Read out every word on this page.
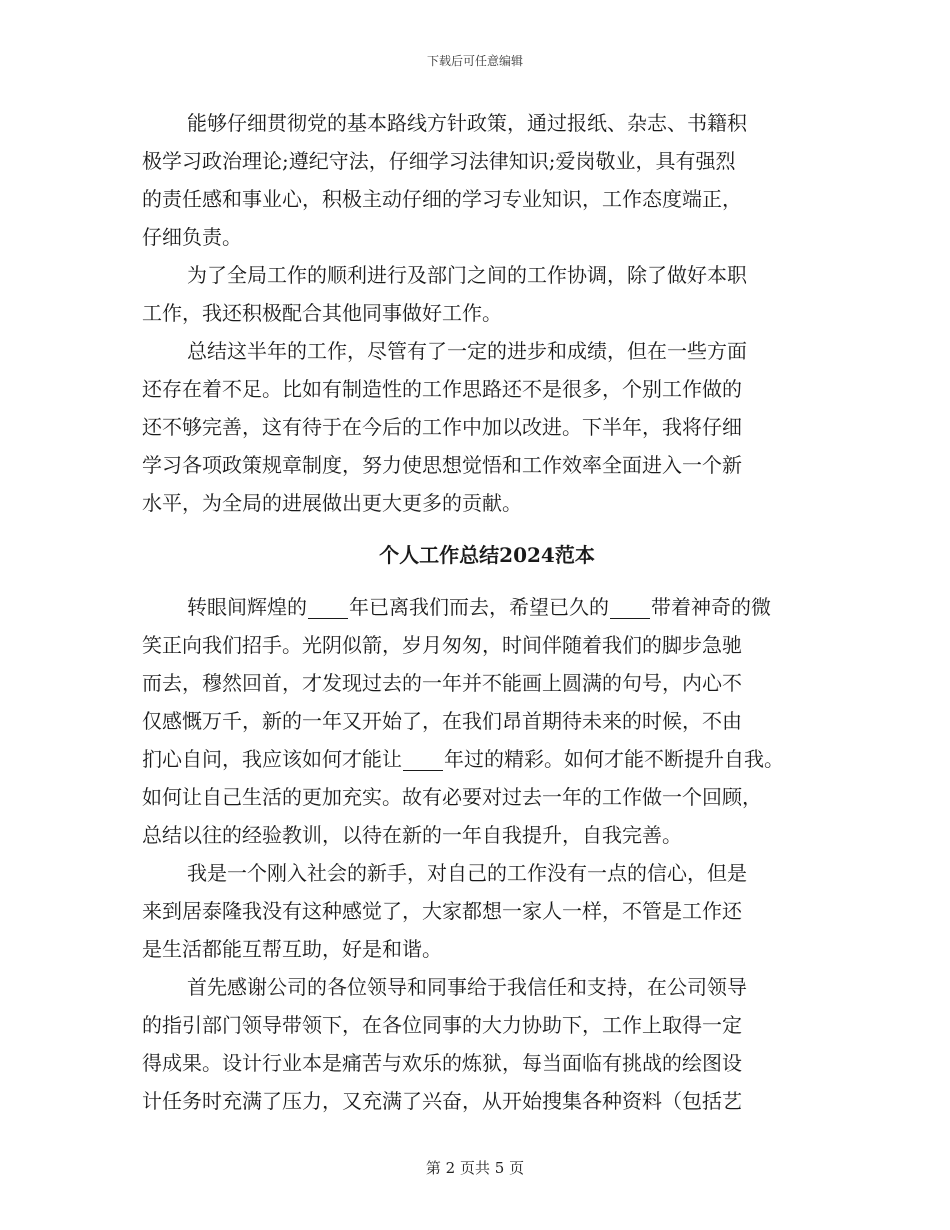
下载后可任意编辑
能够仔细贯彻党的基本路线方针政策，通过报纸、杂志、书籍积
极学习政治理论;遵纪守法，仔细学习法律知识;爱岗敬业，具有强烈
的责任感和事业心，积极主动仔细的学习专业知识，工作态度端正，
仔细负责。
为了全局工作的顺利进行及部门之间的工作协调，除了做好本职
工作，我还积极配合其他同事做好工作。
总结这半年的工作，尽管有了一定的进步和成绩，但在一些方面
还存在着不足。比如有制造性的工作思路还不是很多，个别工作做的
还不够完善，这有待于在今后的工作中加以改进。下半年，我将仔细
学习各项政策规章制度，努力使思想觉悟和工作效率全面进入一个新
水平，为全局的进展做出更大更多的贡献。
个人工作总结2024范本
转眼间辉煌的 年已离我们而去，希望已久的 带着神奇的微
笑正向我们招手。光阴似箭，岁月匆匆，时间伴随着我们的脚步急驰
而去，穆然回首，才发现过去的一年并不能画上圆满的句号，内心不
仅感慨万千，新的一年又开始了，在我们昂首期待未来的时候，不由
扪心自问，我应该如何才能让 年过的精彩。如何才能不断提升自我。
如何让自己生活的更加充实。故有必要对过去一年的工作做一个回顾，
总结以往的经验教训，以待在新的一年自我提升，自我完善。
我是一个刚入社会的新手，对自己的工作没有一点的信心，但是
来到居泰隆我没有这种感觉了，大家都想一家人一样，不管是工作还
是生活都能互帮互助，好是和谐。
首先感谢公司的各位领导和同事给于我信任和支持，在公司领导
的指引部门领导带领下，在各位同事的大力协助下，工作上取得一定
得成果。设计行业本是痛苦与欢乐的炼狱，每当面临有挑战的绘图设
计任务时充满了压力，又充满了兴奋，从开始搜集各种资料（包括艺
第 2 页共 5 页
